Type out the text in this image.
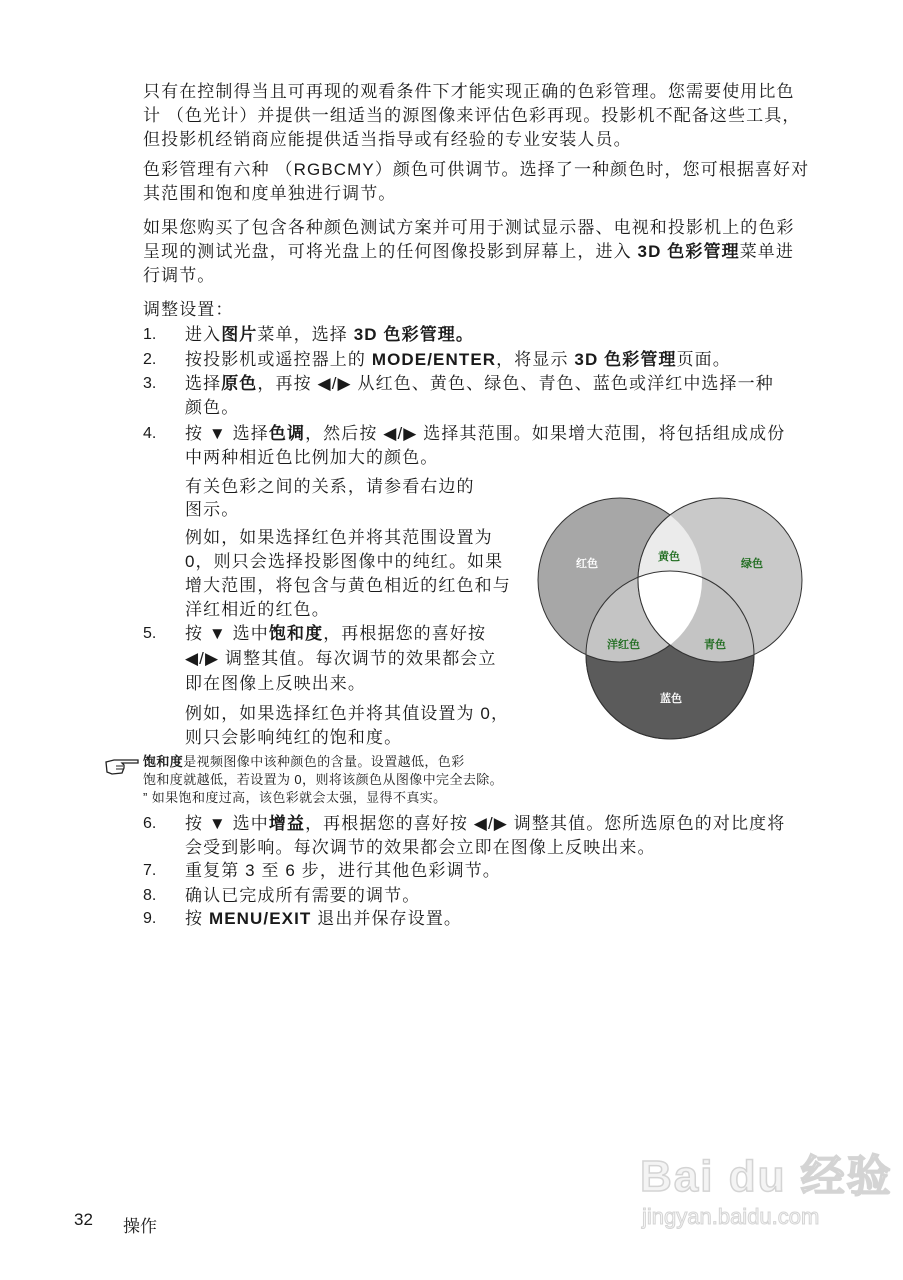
只有在控制得当且可再现的观看条件下才能实现正确的色彩管理。您需要使用比色
计 （色光计）并提供一组适当的源图像来评估色彩再现。投影机不配备这些工具，
但投影机经销商应能提供适当指导或有经验的专业安装人员。
色彩管理有六种 （RGBCMY）颜色可供调节。选择了一种颜色时，您可根据喜好对
其范围和饱和度单独进行调节。
如果您购买了包含各种颜色测试方案并可用于测试显示器、电视和投影机上的色彩
呈现的测试光盘，可将光盘上的任何图像投影到屏幕上，进入 3D 色彩管理菜单进
行调节。
调整设置：
进入图片菜单，选择 3D 色彩管理。
按投影机或遥控器上的 MODE/ENTER，将显示 3D 色彩管理页面。
选择原色，再按 ◀/▶ 从红色、黄色、绿色、青色、蓝色或洋红中选择一种
颜色。
按 ▼ 选择色调，然后按 ◀/▶ 选择其范围。如果增大范围，将包括组成成份
中两种相近色比例加大的颜色。
有关色彩之间的关系，请参看右边的
图示。
例如，如果选择红色并将其范围设置为
0，则只会选择投影图像中的纯红。如果
增大范围，将包含与黄色相近的红色和与
洋红相近的红色。
按 ▼ 选中饱和度，再根据您的喜好按
◀/▶ 调整其值。每次调节的效果都会立
即在图像上反映出来。
例如，如果选择红色并将其值设置为 0，
则只会影响纯红的饱和度。
饱和度是视频图像中该种颜色的含量。设置越低，色彩
饱和度就越低，若设置为 0，则将该颜色从图像中完全去除。
” 如果饱和度过高，该色彩就会太强，显得不真实。
按 ▼ 选中增益，再根据您的喜好按 ◀/▶ 调整其值。您所选原色的对比度将
会受到影响。每次调节的效果都会立即在图像上反映出来。
重复第 3 至 6 步，进行其他色彩调节。
确认已完成所有需要的调节。
按 MENU/EXIT 退出并保存设置。
1.
2.
3.
4.
5.
6.
7.
8.
9.
红色
黄色
绿色
洋红色	青色
蓝色
32 操作
Bai du 经验
jingyan.baidu.com
